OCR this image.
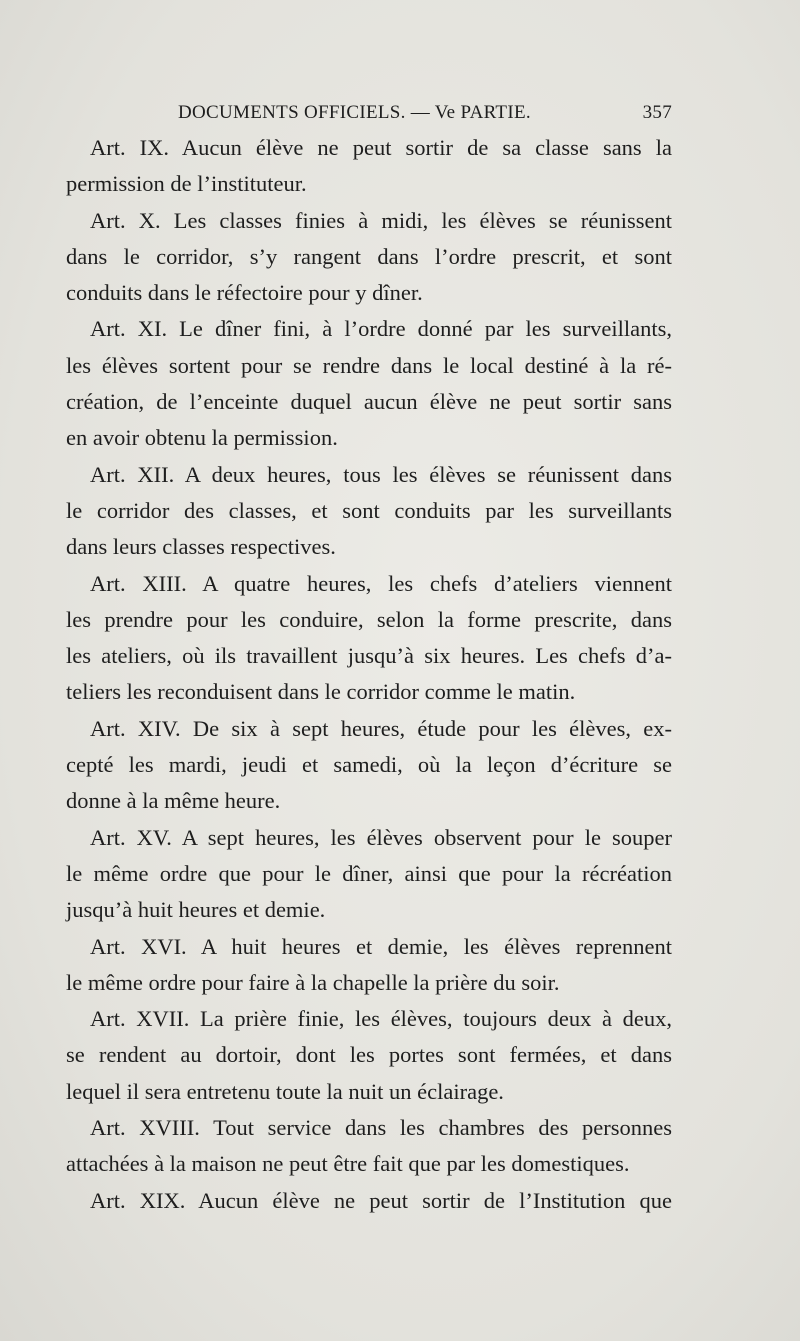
DOCUMENTS OFFICIELS. — Ve PARTIE.	357
Art. IX. Aucun élève ne peut sortir de sa classe sans la
permission de l’instituteur.
Art. X. Les classes finies à midi, les élèves se réunissent
dans le corridor, s’y rangent dans l’ordre prescrit, et sont
conduits dans le réfectoire pour y dîner.
Art. XI. Le dîner fini, à l’ordre donné par les surveillants,
les élèves sortent pour se rendre dans le local destiné à la ré-
création, de l’enceinte duquel aucun élève ne peut sortir sans
en avoir obtenu la permission.
Art. XII. A deux heures, tous les élèves se réunissent dans
le corridor des classes, et sont conduits par les surveillants
dans leurs classes respectives.
Art. XIII. A quatre heures, les chefs d’ateliers viennent
les prendre pour les conduire, selon la forme prescrite, dans
les ateliers, où ils travaillent jusqu’à six heures. Les chefs d’a-
teliers les reconduisent dans le corridor comme le matin.
Art. XIV. De six à sept heures, étude pour les élèves, ex-
cepté les mardi, jeudi et samedi, où la leçon d’écriture se
donne à la même heure.
Art. XV. A sept heures, les élèves observent pour le souper
le même ordre que pour le dîner, ainsi que pour la récréation
jusqu’à huit heures et demie.
Art. XVI. A huit heures et demie, les élèves reprennent
le même ordre pour faire à la chapelle la prière du soir.
Art. XVII. La prière finie, les élèves, toujours deux à deux,
se rendent au dortoir, dont les portes sont fermées, et dans
lequel il sera entretenu toute la nuit un éclairage.
Art. XVIII. Tout service dans les chambres des personnes
attachées à la maison ne peut être fait que par les domestiques.
Art. XIX. Aucun élève ne peut sortir de l’Institution que
